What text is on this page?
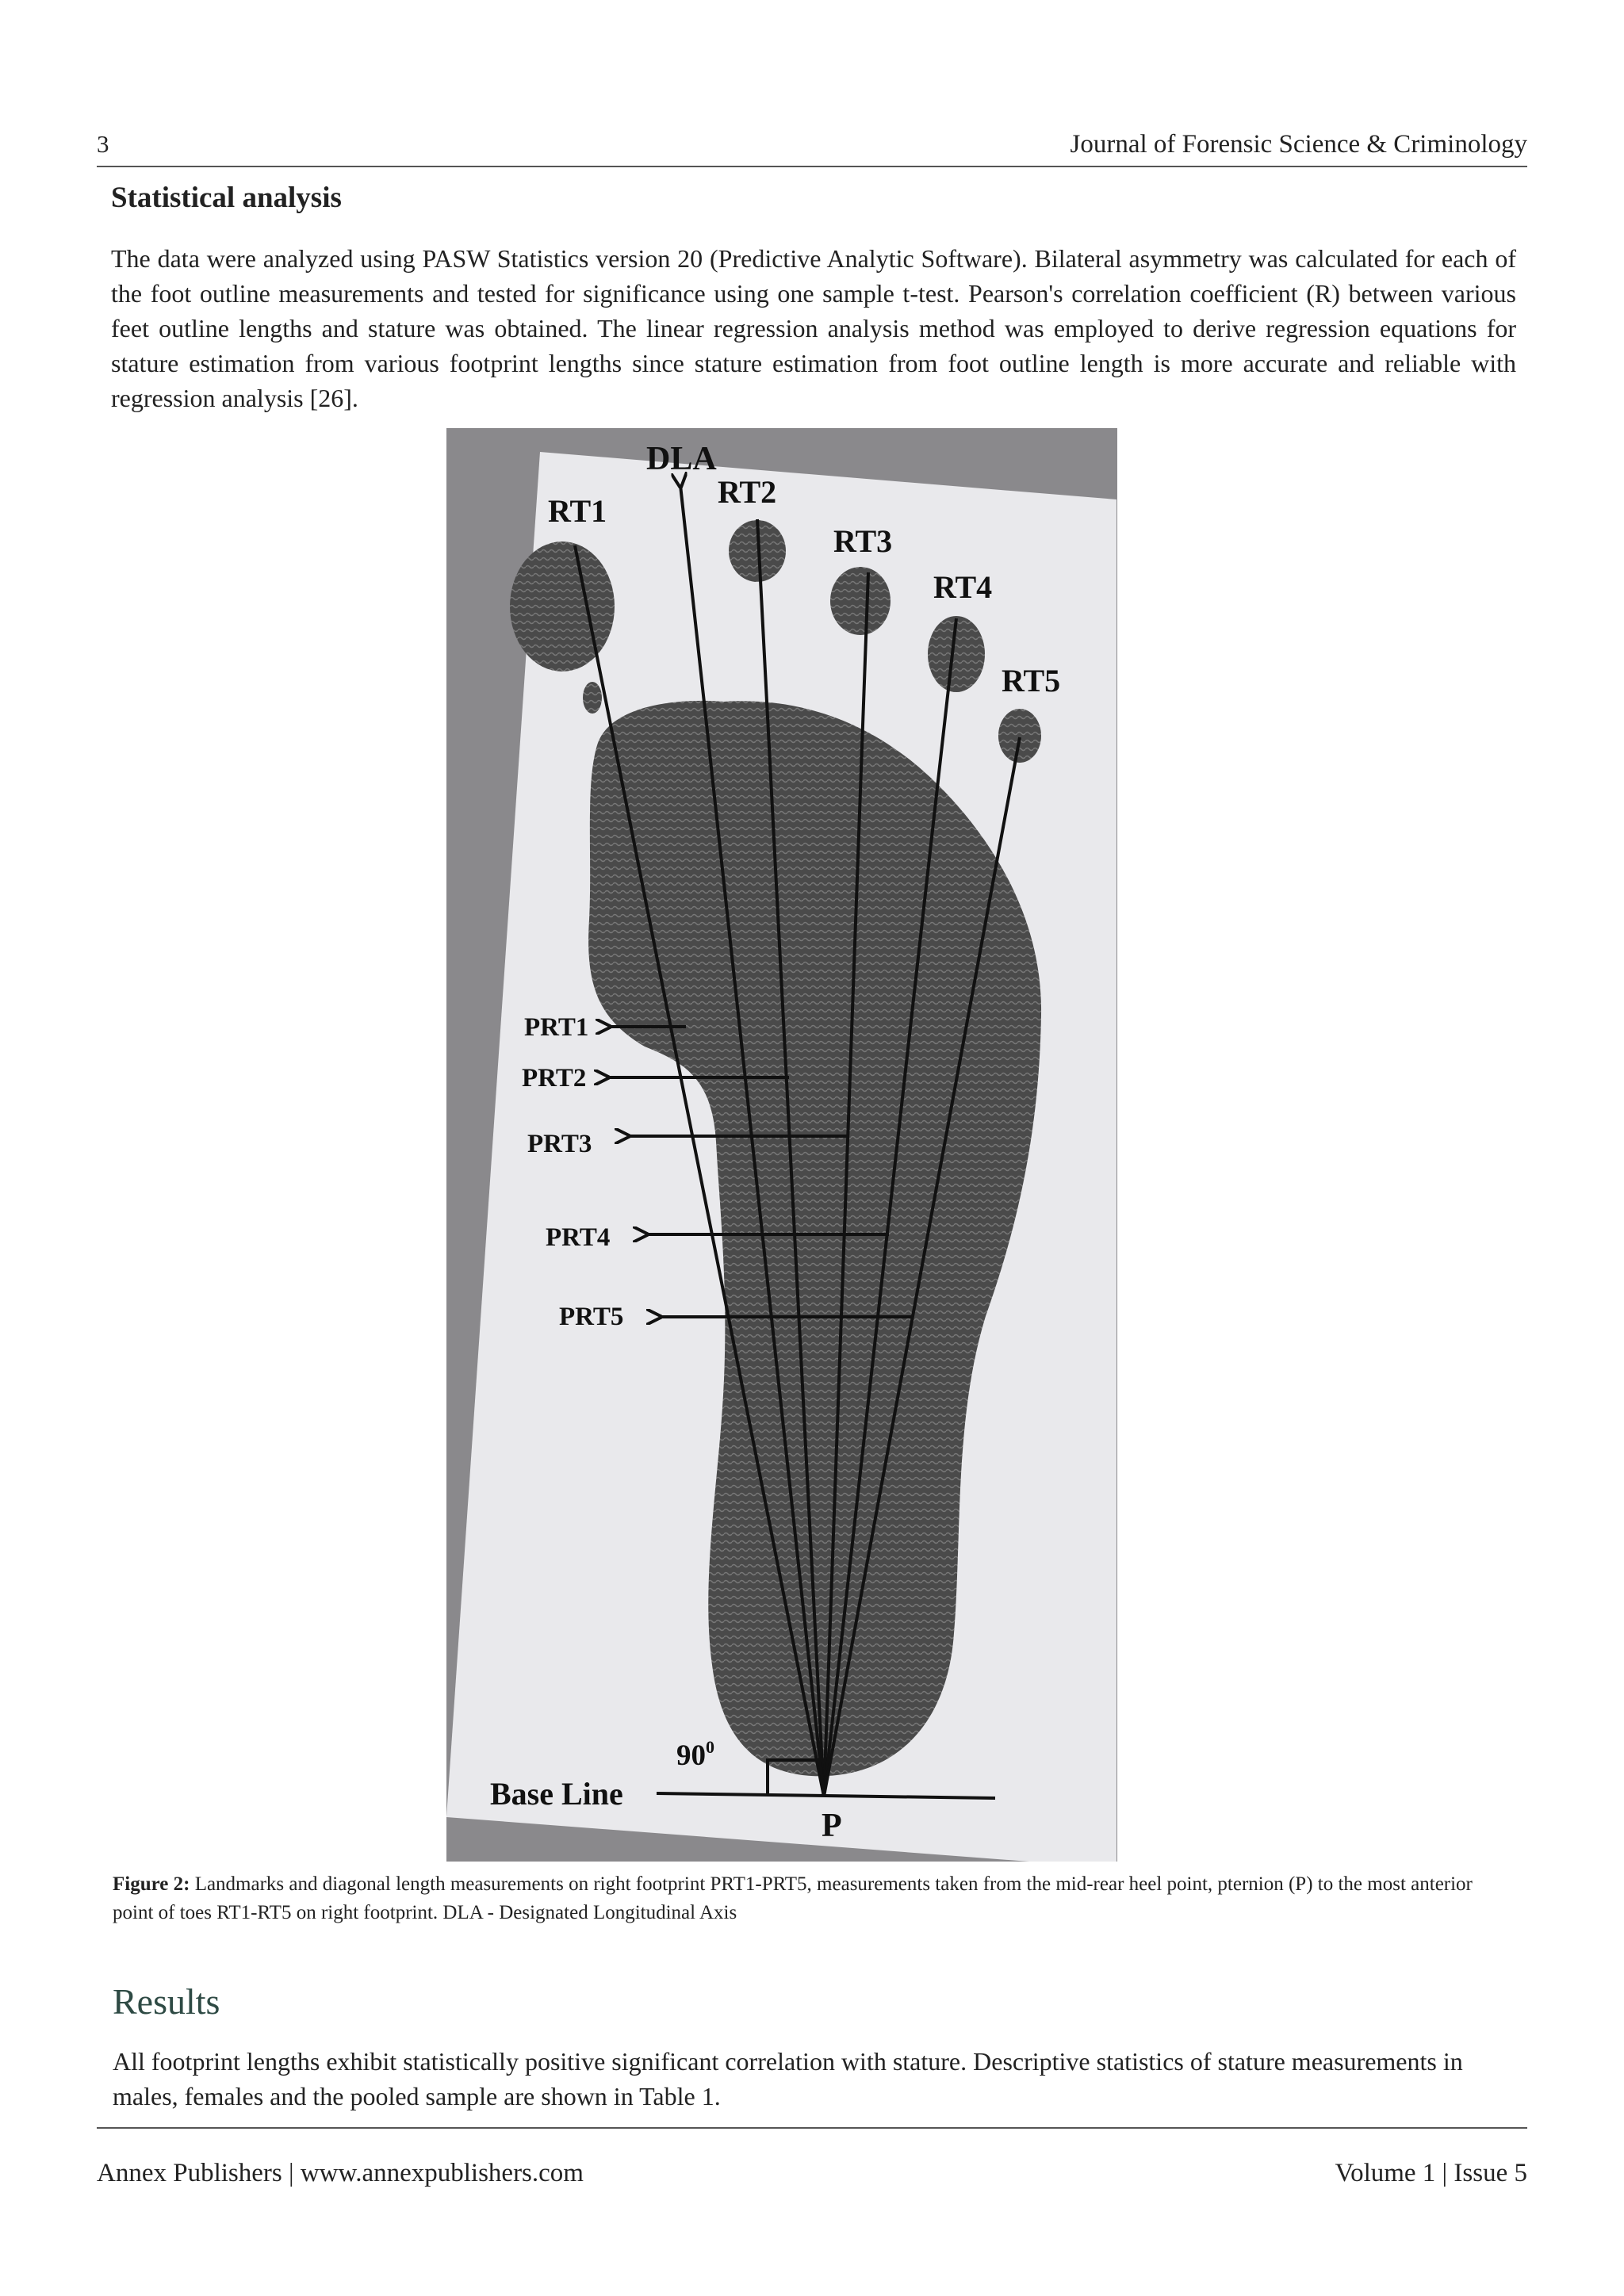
3	Journal of Forensic Science & Criminology
Statistical analysis

The data were analyzed using PASW Statistics version 20 (Predictive Analytic Software). Bilateral asymmetry was calculated for each of the foot outline measurements and tested for significance using one sample t-test. Pearson's correlation coefficient (R) between various feet outline lengths and stature was obtained. The linear regression analysis method was employed to derive regression equations for stature estimation from various footprint lengths since stature estimation from foot outline length is more accurate and reliable with regression analysis [26].

DLA
RT1
RT2
RT3
RT4
RT5
PRT1
PRT2
PRT3
PRT4
PRT5
$90^0$
Base Line
P

Figure 2: Landmarks and diagonal length measurements on right footprint PRT1-PRT5, measurements taken from the mid-rear heel point, pternion (P) to the most anterior point of toes RT1-RT5 on right footprint. DLA - Designated Longitudinal Axis

Results

All footprint lengths exhibit statistically positive significant correlation with stature. Descriptive statistics of stature measurements in males, females and the pooled sample are shown in Table 1.

Annex Publishers | www.annexpublishers.com	Volume 1 | Issue 5
